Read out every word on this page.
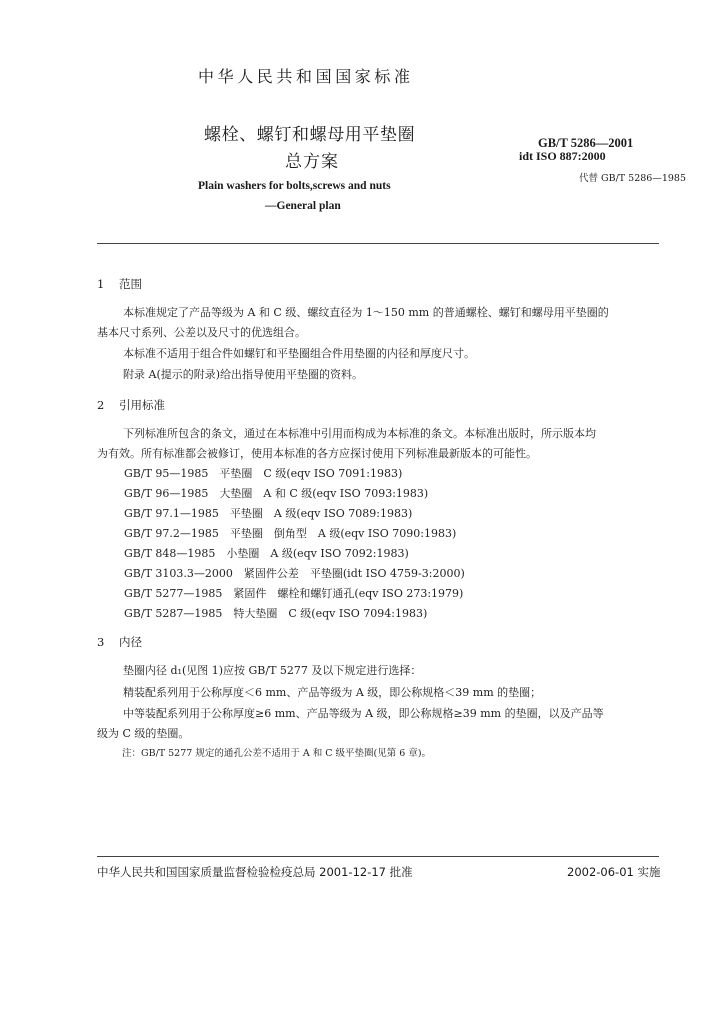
中华人民共和国国家标准
螺栓、螺钉和螺母用平垫圈
总方案
GB/T 5286—2001
idt ISO 887:2000
代替 GB/T 5286—1985
Plain washers for bolts,screws and nuts
—General plan
1 范围
本标准规定了产品等级为 A 和 C 级、螺纹直径为 1～150 mm 的普通螺栓、螺钉和螺母用平垫圈的
基本尺寸系列、公差以及尺寸的优选组合。
本标准不适用于组合件如螺钉和平垫圈组合件用垫圈的内径和厚度尺寸。
附录 A(提示的附录)给出指导使用平垫圈的资料。
2 引用标准
下列标准所包含的条文，通过在本标准中引用而构成为本标准的条文。本标准出版时，所示版本均
为有效。所有标准都会被修订，使用本标准的各方应探讨使用下列标准最新版本的可能性。
GB/T 95—1985　平垫圈　C 级(eqv ISO 7091:1983)
GB/T 96—1985　大垫圈　A 和 C 级(eqv ISO 7093:1983)
GB/T 97.1—1985　平垫圈　A 级(eqv ISO 7089:1983)
GB/T 97.2—1985　平垫圈　倒角型　A 级(eqv ISO 7090:1983)
GB/T 848—1985　小垫圈　A 级(eqv ISO 7092:1983)
GB/T 3103.3—2000　紧固件公差　平垫圈(idt ISO 4759-3:2000)
GB/T 5277—1985　紧固件　螺栓和螺钉通孔(eqv ISO 273:1979)
GB/T 5287—1985　特大垫圈　C 级(eqv ISO 7094:1983)
3 内径
垫圈内径 d₁(见图 1)应按 GB/T 5277 及以下规定进行选择：
精装配系列用于公称厚度＜6 mm、产品等级为 A 级，即公称规格＜39 mm 的垫圈；
中等装配系列用于公称厚度≥6 mm、产品等级为 A 级，即公称规格≥39 mm 的垫圈，以及产品等
级为 C 级的垫圈。
注：GB/T 5277 规定的通孔公差不适用于 A 和 C 级平垫圈(见第 6 章)。
中华人民共和国国家质量监督检验检疫总局 2001-12-17 批准	2002-06-01 实施
